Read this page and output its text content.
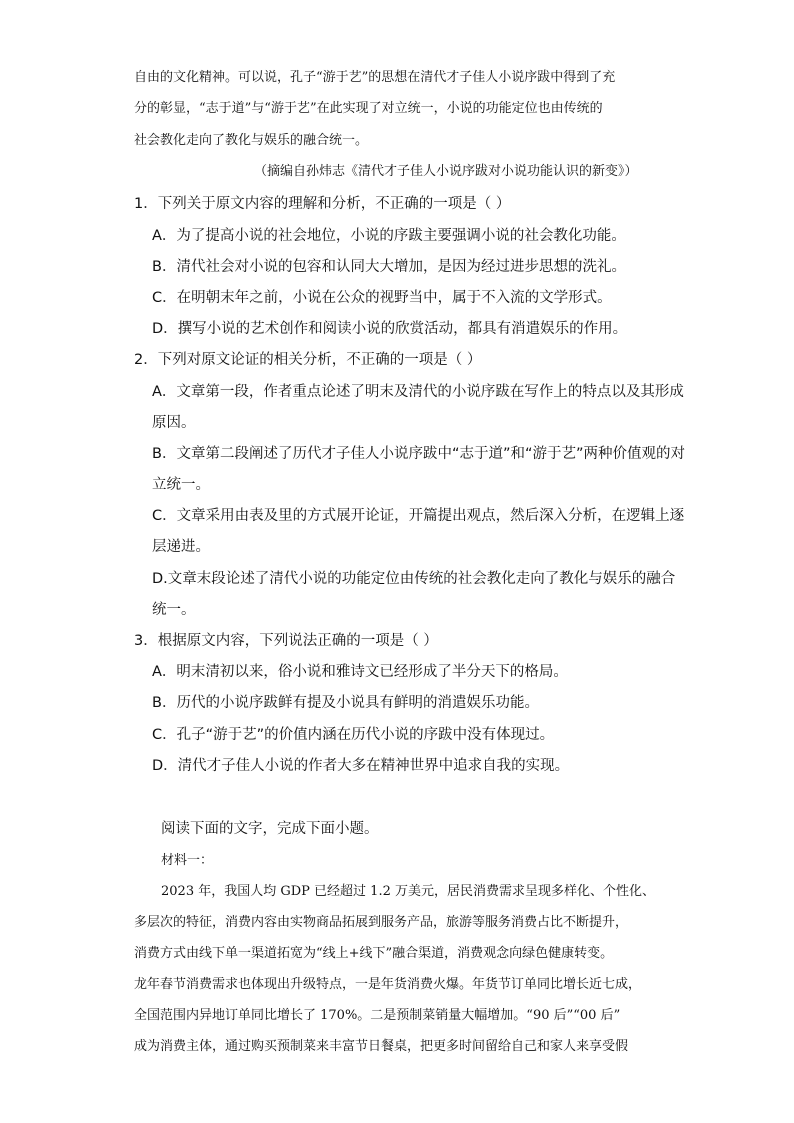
自由的文化精神。可以说，孔子“游于艺”的思想在清代才子佳人小说序跋中得到了充
分的彰显，“志于道”与“游于艺”在此实现了对立统一，小说的功能定位也由传统的
社会教化走向了教化与娱乐的融合统一。
（摘编自孙炜志《清代才子佳人小说序跋对小说功能认识的新变》）
1．下列关于原文内容的理解和分析，不正确的一项是（ ）
A．为了提高小说的社会地位，小说的序跋主要强调小说的社会教化功能。
B．清代社会对小说的包容和认同大大增加，是因为经过进步思想的洗礼。
C．在明朝末年之前，小说在公众的视野当中，属于不入流的文学形式。
D．撰写小说的艺术创作和阅读小说的欣赏活动，都具有消遣娱乐的作用。
2．下列对原文论证的相关分析，不正确的一项是（ ）
A．文章第一段，作者重点论述了明末及清代的小说序跋在写作上的特点以及其形成
原因。
B．文章第二段阐述了历代才子佳人小说序跋中“志于道”和“游于艺”两种价值观的对
立统一。
C．文章采用由表及里的方式展开论证，开篇提出观点，然后深入分析，在逻辑上逐
层递进。
D.文章末段论述了清代小说的功能定位由传统的社会教化走向了教化与娱乐的融合
统一。
3．根据原文内容，下列说法正确的一项是（ ）
A．明末清初以来，俗小说和雅诗文已经形成了半分天下的格局。
B．历代的小说序跋鲜有提及小说具有鲜明的消遣娱乐功能。
C．孔子“游于艺”的价值内涵在历代小说的序跋中没有体现过。
D．清代才子佳人小说的作者大多在精神世界中追求自我的实现。
阅读下面的文字，完成下面小题。
材料一：
2023 年，我国人均 GDP 已经超过 1.2 万美元，居民消费需求呈现多样化、个性化、
多层次的特征，消费内容由实物商品拓展到服务产品，旅游等服务消费占比不断提升，
消费方式由线下单一渠道拓宽为“线上+线下”融合渠道，消费观念向绿色健康转变。
龙年春节消费需求也体现出升级特点，一是年货消费火爆。年货节订单同比增长近七成，
全国范围内异地订单同比增长了 170%。二是预制菜销量大幅增加。“90 后”“00 后”
成为消费主体，通过购买预制菜来丰富节日餐桌，把更多时间留给自己和家人来享受假
